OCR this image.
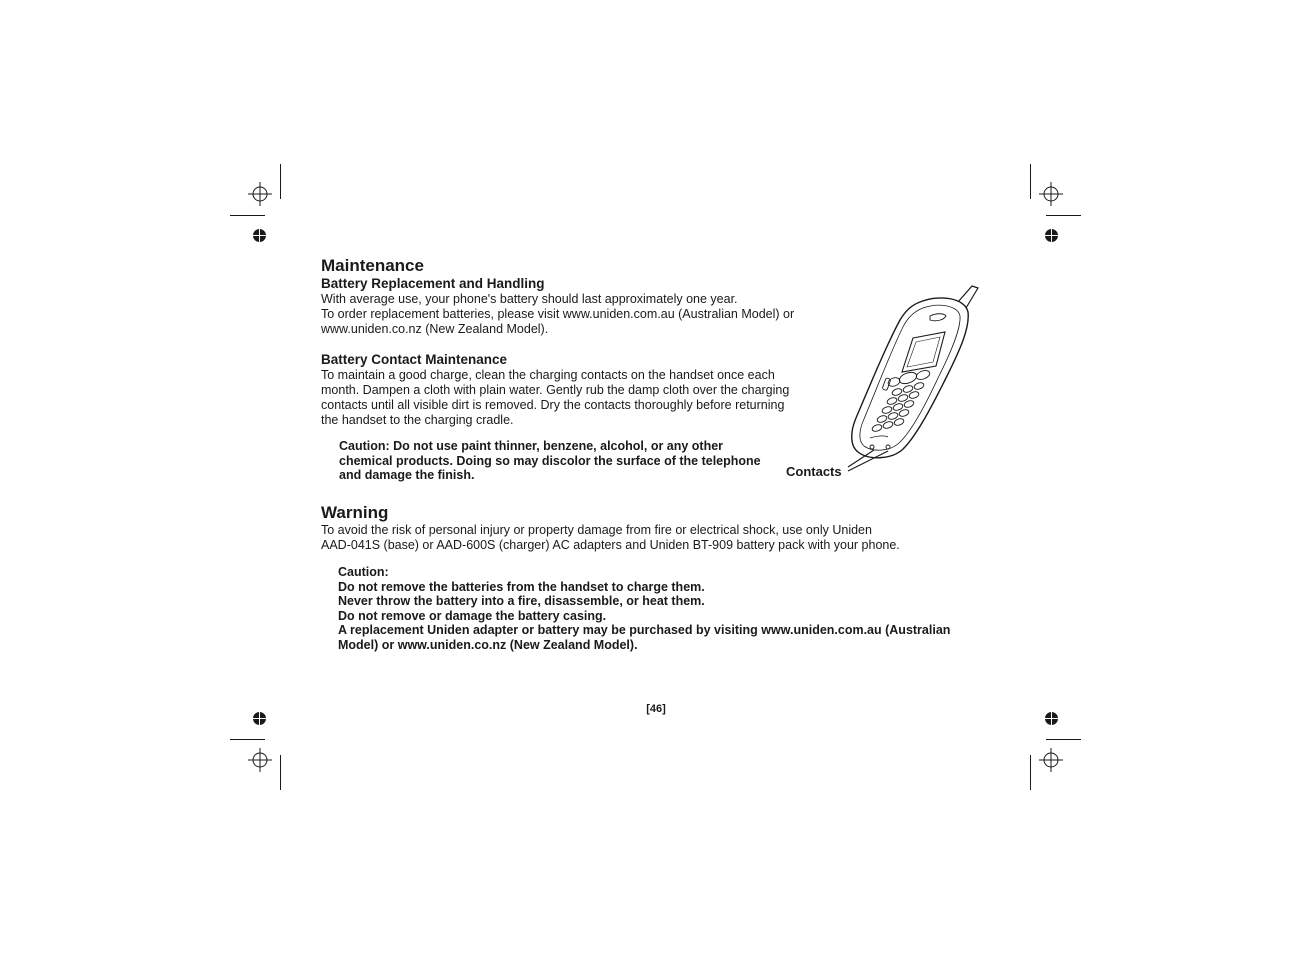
Maintenance
Battery Replacement and Handling
With average use, your phone's battery should last approximately one year.
To order replacement batteries, please visit www.uniden.com.au (Australian Model) or
www.uniden.co.nz (New Zealand Model).
Battery Contact Maintenance
To maintain a good charge, clean the charging contacts on the handset once each
month. Dampen a cloth with plain water. Gently rub the damp cloth over the charging
contacts until all visible dirt is removed. Dry the contacts thoroughly before returning
the handset to the charging cradle.
Caution: Do not use paint thinner, benzene, alcohol, or any other
chemical products. Doing so may discolor the surface of the telephone
and damage the finish.	Contacts
Warning
To avoid the risk of personal injury or property damage from fire or electrical shock, use only Uniden
AAD-041S (base) or AAD-600S (charger) AC adapters and Uniden BT-909 battery pack with your phone.
Caution:
Do not remove the batteries from the handset to charge them.
Never throw the battery into a fire, disassemble, or heat them.
Do not remove or damage the battery casing.
A replacement Uniden adapter or battery may be purchased by visiting www.uniden.com.au (Australian
Model) or www.uniden.co.nz (New Zealand Model).
[46]
